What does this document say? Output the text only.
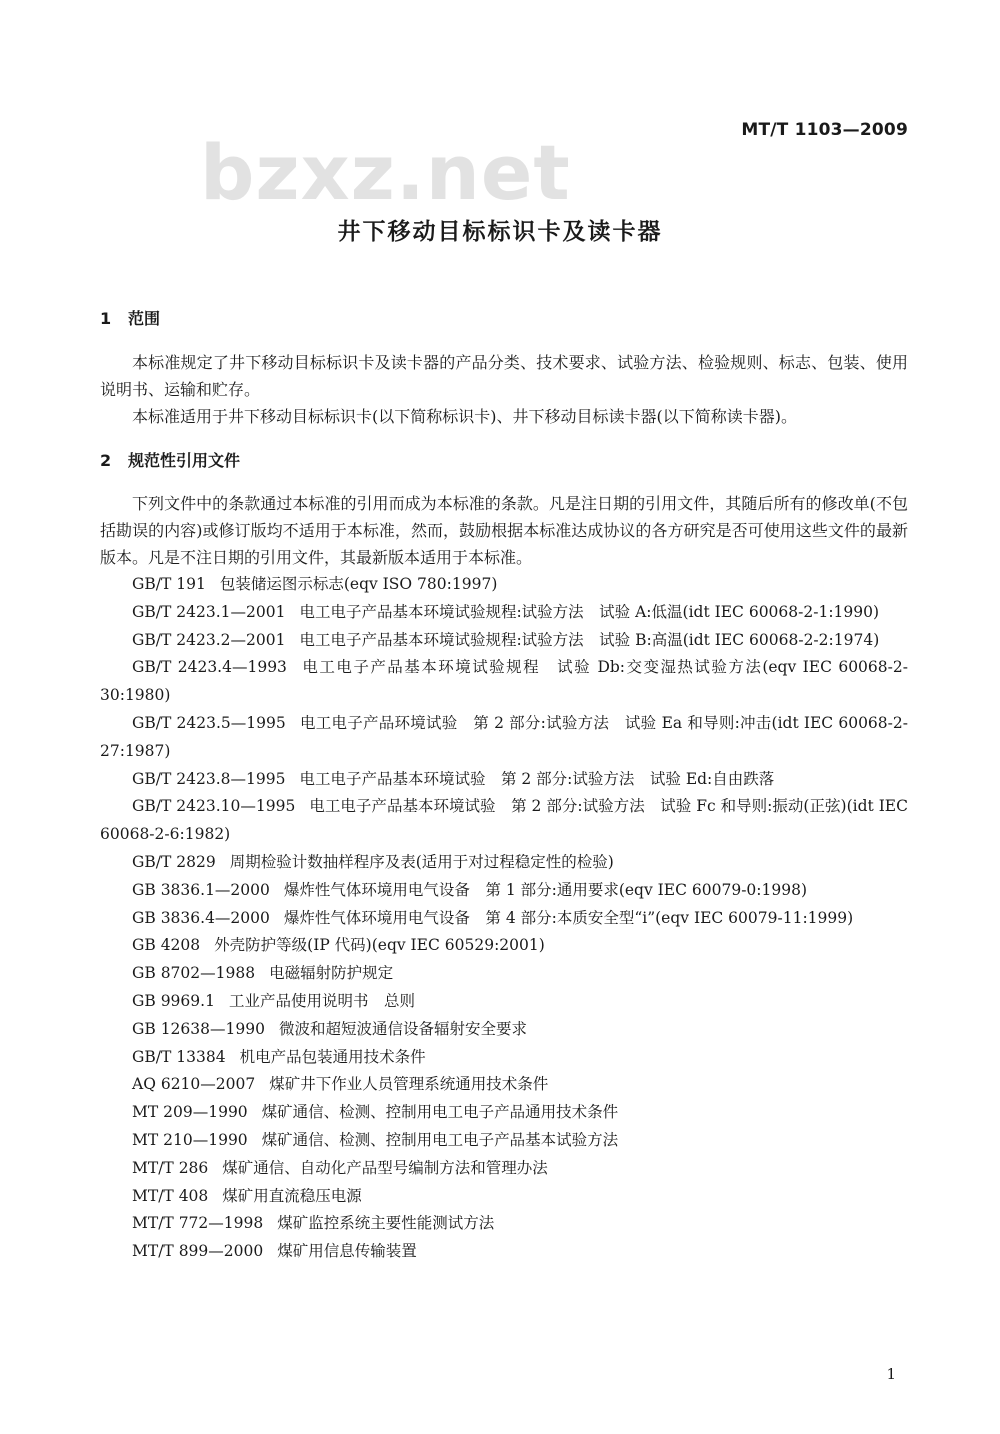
MT/T 1103—2009
bzxz.net
井下移动目标标识卡及读卡器
1 范围
本标准规定了井下移动目标标识卡及读卡器的产品分类、技术要求、试验方法、检验规则、标志、包装、使用说明书、运输和贮存。
本标准适用于井下移动目标标识卡(以下简称标识卡)、井下移动目标读卡器(以下简称读卡器)。
2 规范性引用文件
下列文件中的条款通过本标准的引用而成为本标准的条款。凡是注日期的引用文件，其随后所有的修改单(不包括勘误的内容)或修订版均不适用于本标准，然而，鼓励根据本标准达成协议的各方研究是否可使用这些文件的最新版本。凡是不注日期的引用文件，其最新版本适用于本标准。
GB/T 191 包装储运图示标志(eqv ISO 780:1997)
GB/T 2423.1—2001 电工电子产品基本环境试验规程:试验方法　试验 A:低温(idt IEC 60068-2-1:1990)
GB/T 2423.2—2001 电工电子产品基本环境试验规程:试验方法　试验 B:高温(idt IEC 60068-2-2:1974)
GB/T 2423.4—1993 电工电子产品基本环境试验规程　试验 Db:交变湿热试验方法(eqv IEC 60068-2-30:1980)
GB/T 2423.5—1995 电工电子产品环境试验　第 2 部分:试验方法　试验 Ea 和导则:冲击(idt IEC 60068-2-27:1987)
GB/T 2423.8—1995 电工电子产品基本环境试验　第 2 部分:试验方法　试验 Ed:自由跌落
GB/T 2423.10—1995 电工电子产品基本环境试验　第 2 部分:试验方法　试验 Fc 和导则:振动(正弦)(idt IEC 60068-2-6:1982)
GB/T 2829 周期检验计数抽样程序及表(适用于对过程稳定性的检验)
GB 3836.1—2000 爆炸性气体环境用电气设备　第 1 部分:通用要求(eqv IEC 60079-0:1998)
GB 3836.4—2000 爆炸性气体环境用电气设备　第 4 部分:本质安全型“i”(eqv IEC 60079-11:1999)
GB 4208 外壳防护等级(IP 代码)(eqv IEC 60529:2001)
GB 8702—1988 电磁辐射防护规定
GB 9969.1 工业产品使用说明书　总则
GB 12638—1990 微波和超短波通信设备辐射安全要求
GB/T 13384 机电产品包装通用技术条件
AQ 6210—2007 煤矿井下作业人员管理系统通用技术条件
MT 209—1990 煤矿通信、检测、控制用电工电子产品通用技术条件
MT 210—1990 煤矿通信、检测、控制用电工电子产品基本试验方法
MT/T 286 煤矿通信、自动化产品型号编制方法和管理办法
MT/T 408 煤矿用直流稳压电源
MT/T 772—1998 煤矿监控系统主要性能测试方法
MT/T 899—2000 煤矿用信息传输装置
1
